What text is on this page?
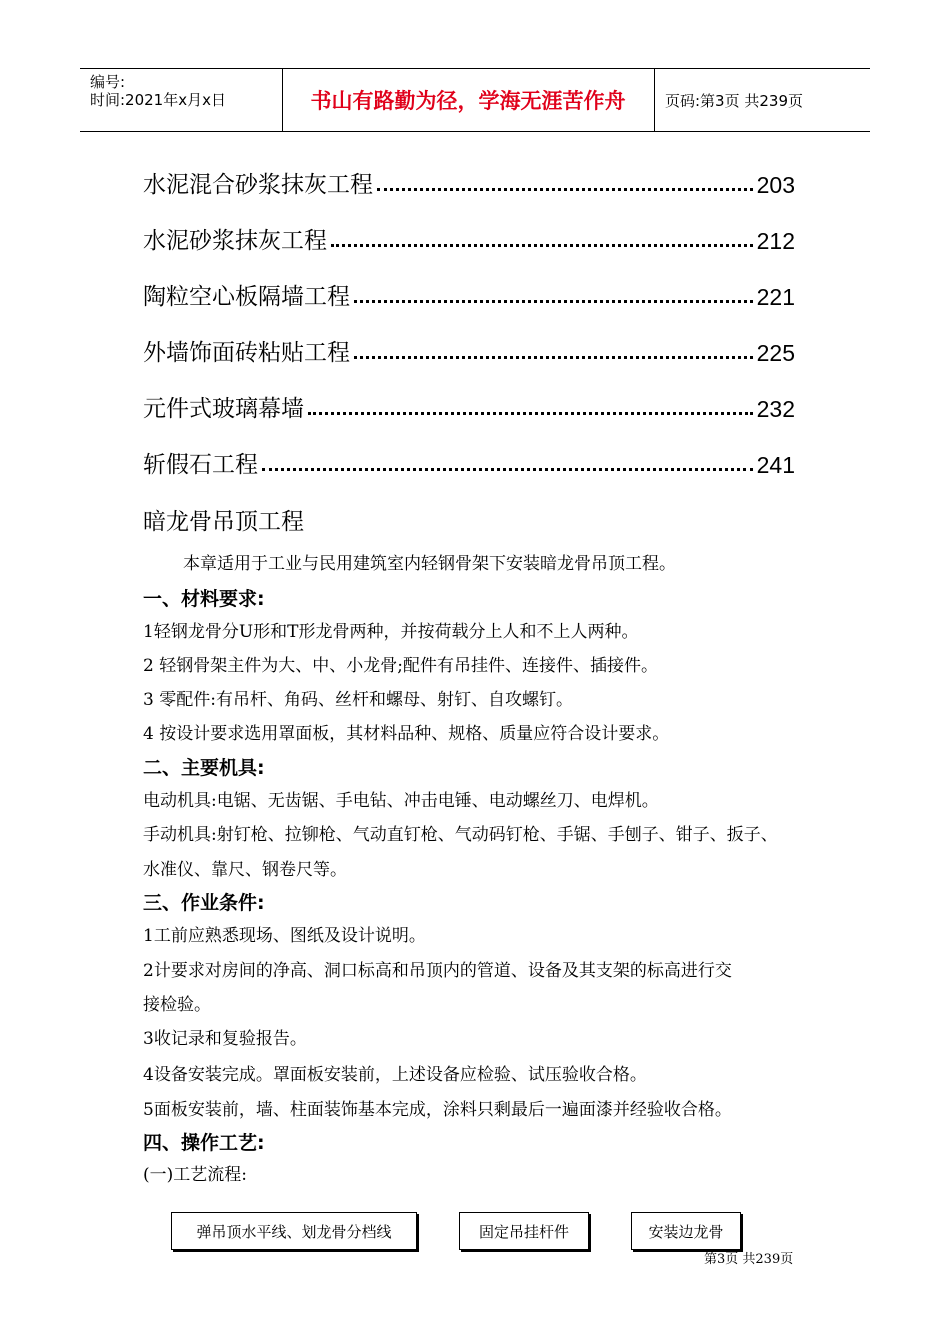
编号:
时间:2021年x月x日	书山有路勤为径，学海无涯苦作舟	页码:第3页 共239页
水泥混合砂浆抹灰工程	203
水泥砂浆抹灰工程	212
陶粒空心板隔墙工程	221
外墙饰面砖粘贴工程	225
元件式玻璃幕墙	232
斩假石工程	241
暗龙骨吊顶工程
本章适用于工业与民用建筑室内轻钢骨架下安装暗龙骨吊顶工程。
一、材料要求:
1轻钢龙骨分U形和T形龙骨两种，并按荷载分上人和不上人两种。
2 轻钢骨架主件为大、中、小龙骨;配件有吊挂件、连接件、插接件。
3 零配件:有吊杆、角码、丝杆和螺母、射钉、自攻螺钉。
4 按设计要求选用罩面板，其材料品种、规格、质量应符合设计要求。
二、主要机具:
电动机具:电锯、无齿锯、手电钻、冲击电锤、电动螺丝刀、电焊机。
手动机具:射钉枪、拉铆枪、气动直钉枪、气动码钉枪、手锯、手刨子、钳子、扳子、
水准仪、靠尺、钢卷尺等。
三、作业条件:
1工前应熟悉现场、图纸及设计说明。
2计要求对房间的净高、洞口标高和吊顶内的管道、设备及其支架的标高进行交
接检验。
3收记录和复验报告。
4设备安装完成。罩面板安装前，上述设备应检验、试压验收合格。
5面板安装前，墙、柱面装饰基本完成，涂料只剩最后一遍面漆并经验收合格。
四、操作工艺:
(一)工艺流程:
弹吊顶水平线、划龙骨分档线	固定吊挂杆件	安装边龙骨
第3页 共239页
